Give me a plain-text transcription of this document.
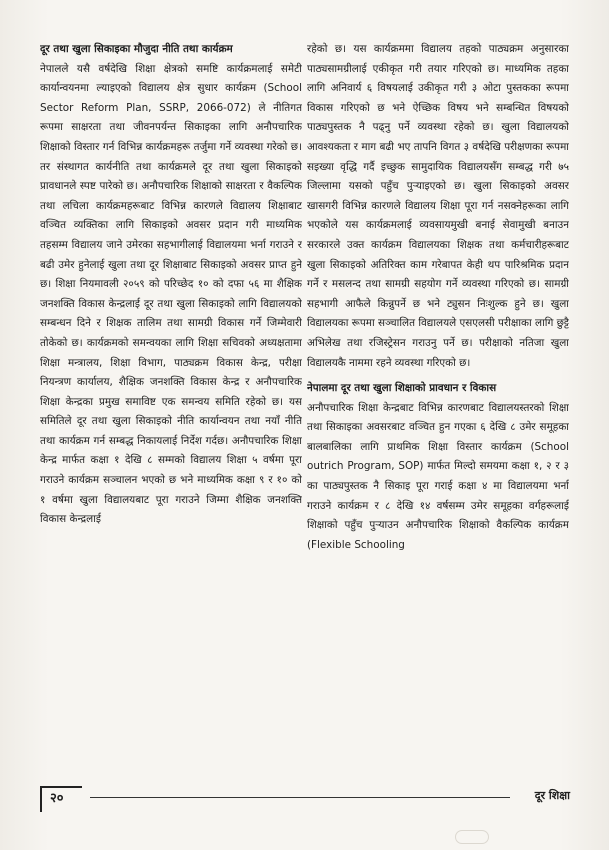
दूर तथा खुला सिकाइका मौजुदा नीति तथा कार्यक्रम

नेपालले यसै वर्षदेखि शिक्षा क्षेत्रको समष्टि कार्यक्रमलाई समेटी कार्यान्वयनमा ल्याइएको विद्यालय क्षेत्र सुधार कार्यक्रम (School Sector Reform Plan, SSRP, 2066-072) ले नीतिगत रूपमा साक्षरता तथा जीवनपर्यन्त सिकाइका लागि अनौपचारिक शिक्षाको विस्तार गर्न विभिन्न कार्यक्रमहरू तर्जुमा गर्ने व्यवस्था गरेको छ। तर संस्थागत कार्यनीति तथा कार्यक्रमले दूर तथा खुला सिकाइको प्रावधानले स्पष्ट पारेको छ। अनौपचारिक शिक्षाको साक्षरता र वैकल्पिक तथा लचिला कार्यक्रमहरूबाट विभिन्न कारणले विद्यालय शिक्षाबाट वञ्चित व्यक्तिका लागि सिकाइको अवसर प्रदान गरी माध्यमिक तहसम्म विद्यालय जाने उमेरका सहभागीलाई विद्यालयमा भर्ना गराउने र बढी उमेर हुनेलाई खुला तथा दूर शिक्षाबाट सिकाइको अवसर प्राप्त हुने छ। शिक्षा नियमावली २०५९ को परिच्छेद १० को दफा ५६ मा शैक्षिक जनशक्ति विकास केन्द्रलाई दूर तथा खुला सिकाइको लागि विद्यालयको सम्बन्धन दिने र शिक्षक तालिम तथा सामग्री विकास गर्ने जिम्मेवारी तोकेको छ। कार्यक्रमको समन्वयका लागि शिक्षा सचिवको अध्यक्षतामा शिक्षा मन्त्रालय, शिक्षा विभाग, पाठ्यक्रम विकास केन्द्र, परीक्षा नियन्त्रण कार्यालय, शैक्षिक जनशक्ति विकास केन्द्र र अनौपचारिक शिक्षा केन्द्रका प्रमुख समाविष्ट एक समन्वय समिति रहेको छ। यस समितिले दूर तथा खुला सिकाइको नीति कार्यान्वयन तथा नयाँ नीति तथा कार्यक्रम गर्न सम्बद्ध निकायलाई निर्देश गर्दछ। अनौपचारिक शिक्षा केन्द्र मार्फत कक्षा १ देखि ८ सम्मको विद्यालय शिक्षा ५ वर्षमा पूरा गराउने कार्यक्रम सञ्चालन भएको छ भने माध्यमिक कक्षा ९ र १० को १ वर्षमा खुला विद्यालयबाट पूरा गराउने जिम्मा शैक्षिक जनशक्ति विकास केन्द्रलाई

रहेको छ। यस कार्यक्रममा विद्यालय तहको पाठ्यक्रम अनुसारका पाठ्यसामग्रीलाई एकीकृत गरी तयार गरिएको छ। माध्यमिक तहका लागि अनिवार्य ६ विषयलाई उकीकृत गरी ३ ओटा पुस्तकका रूपमा विकास गरिएको छ भने ऐच्छिक विषय भने सम्बन्धित विषयको पाठ्यपुस्तक नै पढ्नु पर्ने व्यवस्था रहेको छ। खुला विद्यालयको आवश्यकता र माग बढी भए तापनि विगत ३ वर्षदेखि परीक्षणका रूपमा सइख्या वृद्धि गर्दै इच्छुक सामुदायिक विद्यालयसँग सम्बद्ध गरी ७५ जिल्लामा यसको पहुँच पुऱ्याइएको छ। खुला सिकाइको अवसर खासगरी विभिन्न कारणले विद्यालय शिक्षा पूरा गर्न नसक्नेहरूका लागि भएकोले यस कार्यक्रमलाई व्यवसायमुखी बनाई सेवामुखी बनाउन सरकारले उक्त कार्यक्रम विद्यालयका शिक्षक तथा कर्मचारीहरूबाट खुला सिकाइको अतिरिक्त काम गरेबापत केही थप पारिश्रमिक प्रदान गर्ने र मसलन्द तथा सामग्री सहयोग गर्ने व्यवस्था गरिएको छ। सामग्री सहभागी आफैले किन्नुपर्ने छ भने ट्युसन निःशुल्क हुने छ। खुला विद्यालयका रूपमा सञ्चालित विद्यालयले एसएलसी परीक्षाका लागि छुट्टै अभिलेख तथा रजिस्ट्रेसन गराउनु पर्ने छ। परीक्षाको नतिजा खुला विद्यालयकै नाममा रहने व्यवस्था गरिएको छ।

नेपालमा दूर तथा खुला शिक्षाको प्रावधान र विकास

अनौपचारिक शिक्षा केन्द्रबाट विभिन्न कारणबाट विद्यालयस्तरको शिक्षा तथा सिकाइका अवसरबाट वञ्चित हुन गएका ६ देखि ८ उमेर समूहका बालबालिका लागि प्राथमिक शिक्षा विस्तार कार्यक्रम (School outrich Program, SOP) मार्फत मिल्दो समयमा कक्षा १, २ र ३ का पाठ्यपुस्तक नै सिकाइ पूरा गराई कक्षा ४ मा विद्यालयमा भर्ना गराउने कार्यक्रम र ८ देखि १४ वर्षसम्म उमेर समूहका वर्गहरूलाई शिक्षाको पहुँच पुऱ्याउन अनौपचारिक शिक्षाको वैकल्पिक कार्यक्रम (Flexible Schooling

२०	दूर शिक्षा
